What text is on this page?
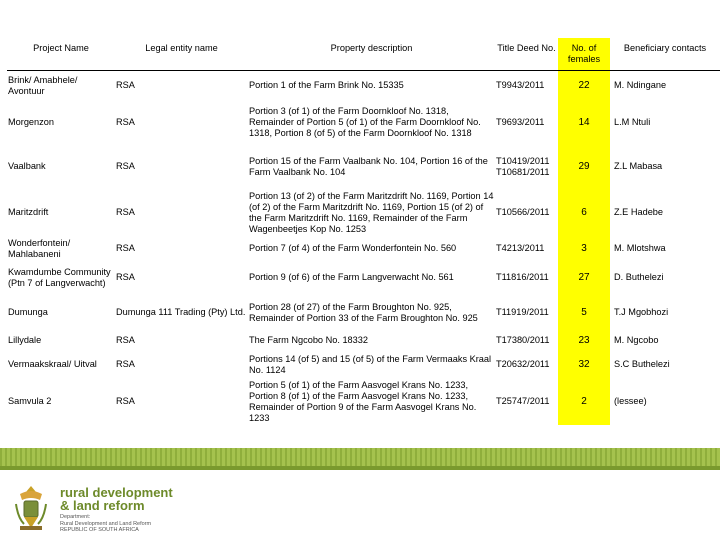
Project Name	Legal entity name	Property description	Title Deed No.	No. of females	Beneficiary contacts
Brink/ Amabhele/ Avontuur	RSA	Portion 1 of the Farm Brink No. 15335	T9943/2011	22	M. Ndingane
Morgenzon	RSA	Portion 3 (of 1) of the Farm Doornkloof No. 1318, Remainder of Portion 5 (of 1) of the Farm Doornkloof No. 1318, Portion 8 (of 5) of the Farm Doornkloof No. 1318	T9693/2011	14	L.M Ntuli
Vaalbank	RSA	Portion 15 of the Farm Vaalbank No. 104, Portion 16 of the Farm Vaalbank No. 104	T10419/2011 T10681/2011	29	Z.L Mabasa
Maritzdrift	RSA	Portion 13 (of 2) of the Farm Maritzdrift No. 1169, Portion 14 (of 2) of the Farm Maritzdrift No. 1169, Portion 15 (of 2) of the Farm Maritzdrift No. 1169, Remainder of the Farm Wagenbeetjes Kop No. 1253	T10566/2011	6	Z.E Hadebe
Wonderfontein/ Mahlabaneni	RSA	Portion 7 (of 4) of the Farm Wonderfontein No. 560	T4213/2011	3	M. Mlotshwa
Kwamdumbe Community (Ptn 7 of Langverwacht)	RSA	Portion 9 (of 6) of the Farm Langverwacht No. 561	T11816/2011	27	D. Buthelezi
Dumunga	Dumunga 111 Trading (Pty) Ltd.	Portion 28 (of 27) of the Farm Broughton No. 925, Remainder of Portion 33 of the Farm Broughton No. 925	T11919/2011	5	T.J Mgobhozi
Lillydale	RSA	The Farm Ngcobo No. 18332	T17380/2011	23	M. Ngcobo
Vermaakskraal/ Uitval	RSA	Portions 14 (of 5) and 15 (of 5) of the Farm Vermaaks Kraal No. 1124	T20632/2011	32	S.C Buthelezi
Samvula 2	RSA	Portion 5 (of 1) of the Farm Aasvogel Krans No. 1233, Portion 8 (of 1) of the Farm Aasvogel Krans No. 1233, Remainder of Portion 9 of the Farm Aasvogel Krans No. 1233	T25747/2011	2	(lessee)
rural development
& land reform
Department:
Rural Development and Land Reform
REPUBLIC OF SOUTH AFRICA
